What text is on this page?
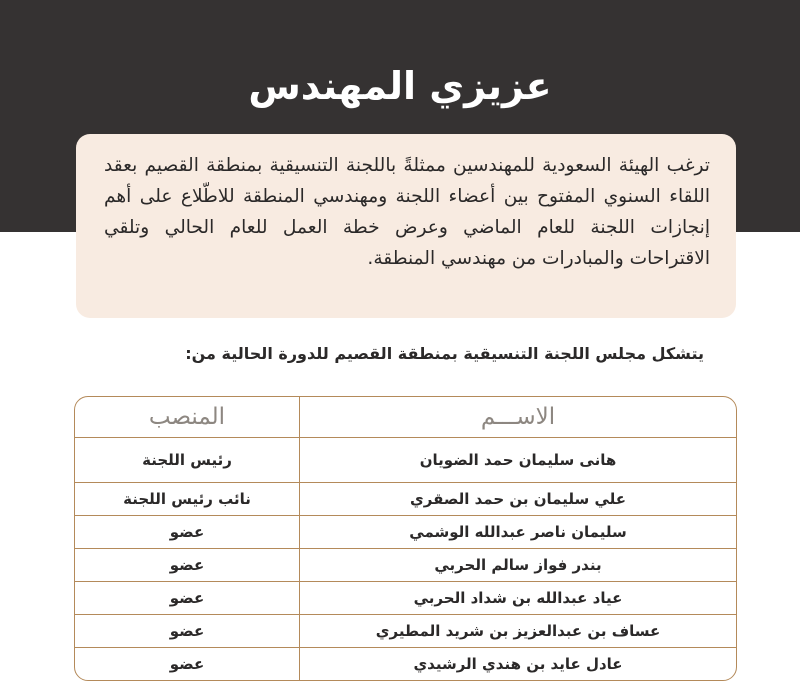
عزيزي المهندس

ترغب الهيئة السعودية للمهندسين ممثلةً باللجنة التنسيقية بمنطقة القصيم بعقد اللقاء السنوي المفتوح بين أعضاء اللجنة ومهندسي المنطقة للاطّلاع على أهم إنجازات اللجنة للعام الماضي وعرض خطة العمل للعام الحالي وتلقي الاقتراحات والمبادرات من مهندسي المنطقة.

يتشكل مجلس اللجنة التنسيقية بمنطقة القصيم للدورة الحالية من:

الاســـم	المنصب
هانى سليمان حمد الضويان	رئيس اللجنة
علي سليمان بن حمد الصقري	نائب رئيس اللجنة
سليمان ناصر عبدالله الوشمي	عضو
بندر فواز سالم الحربي	عضو
عياد عبدالله بن شداد الحربي	عضو
عساف بن عبدالعزيز بن شريد المطيري	عضو
عادل عايد بن هندي الرشيدي	عضو
